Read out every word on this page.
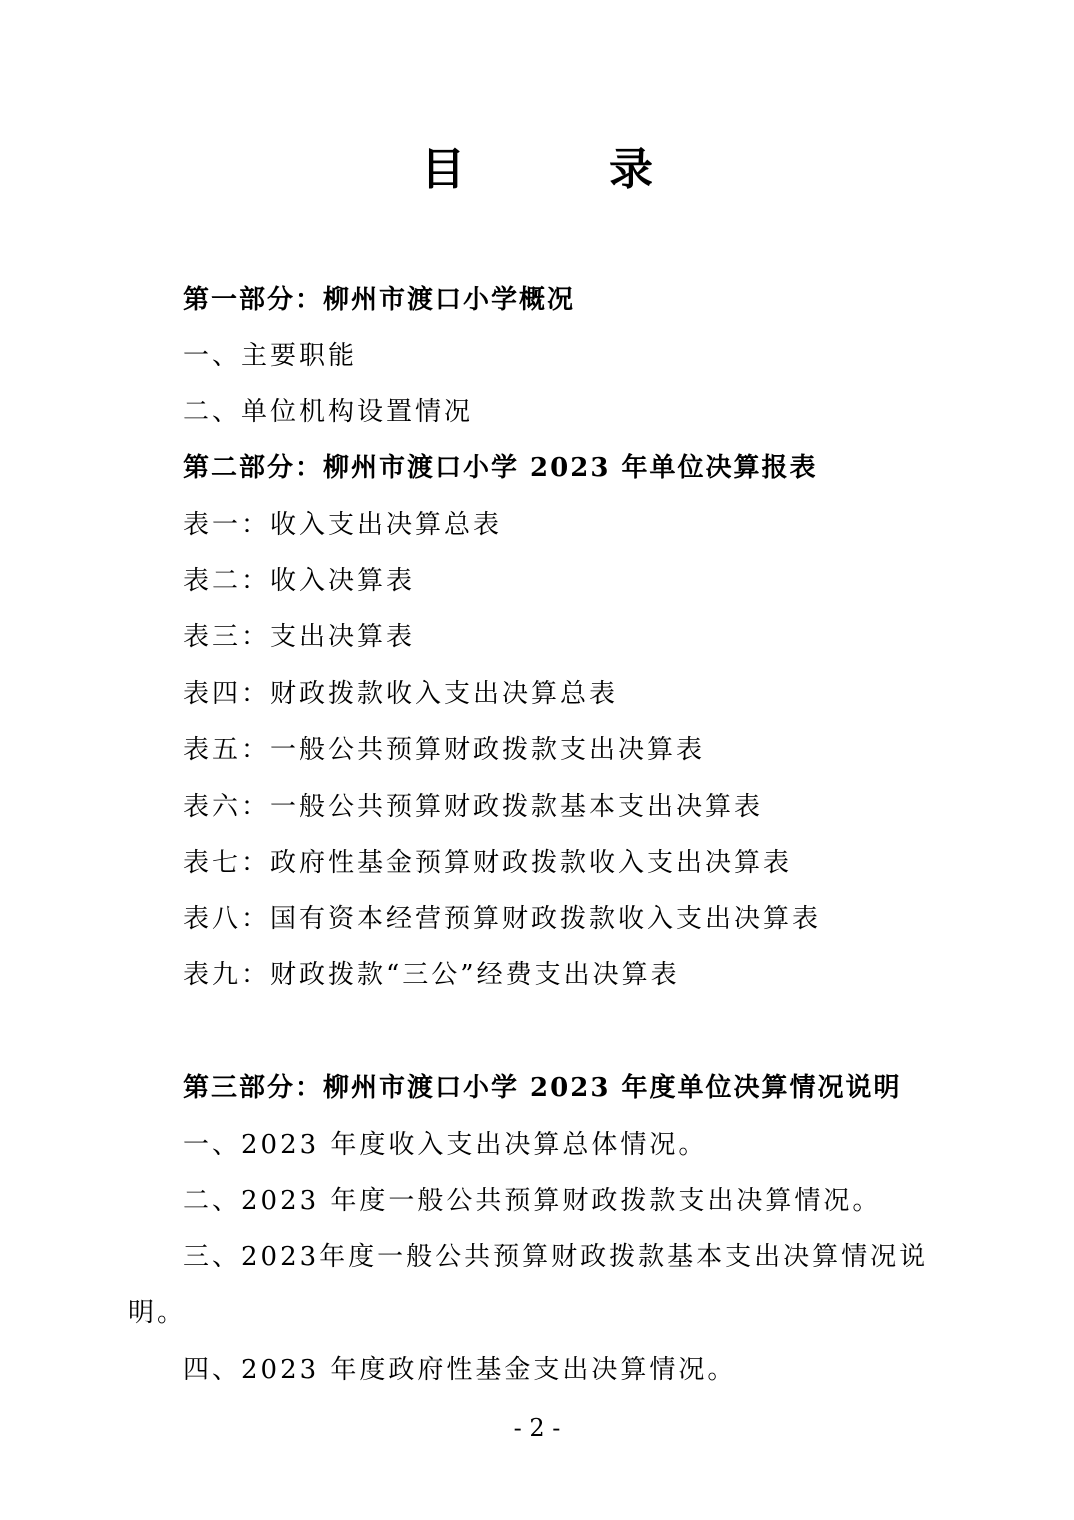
目　录
第一部分：柳州市渡口小学概况
一、主要职能
二、单位机构设置情况
第二部分：柳州市渡口小学 2023 年单位决算报表
表一：收入支出决算总表
表二：收入决算表
表三：支出决算表
表四：财政拨款收入支出决算总表
表五：一般公共预算财政拨款支出决算表
表六：一般公共预算财政拨款基本支出决算表
表七：政府性基金预算财政拨款收入支出决算表
表八：国有资本经营预算财政拨款收入支出决算表
表九：财政拨款“三公”经费支出决算表
第三部分：柳州市渡口小学 2023 年度单位决算情况说明
一、2023 年度收入支出决算总体情况。
二、2023 年度一般公共预算财政拨款支出决算情况。
三、2023年度一般公共预算财政拨款基本支出决算情况说
明。
四、2023 年度政府性基金支出决算情况。
- 2 -
